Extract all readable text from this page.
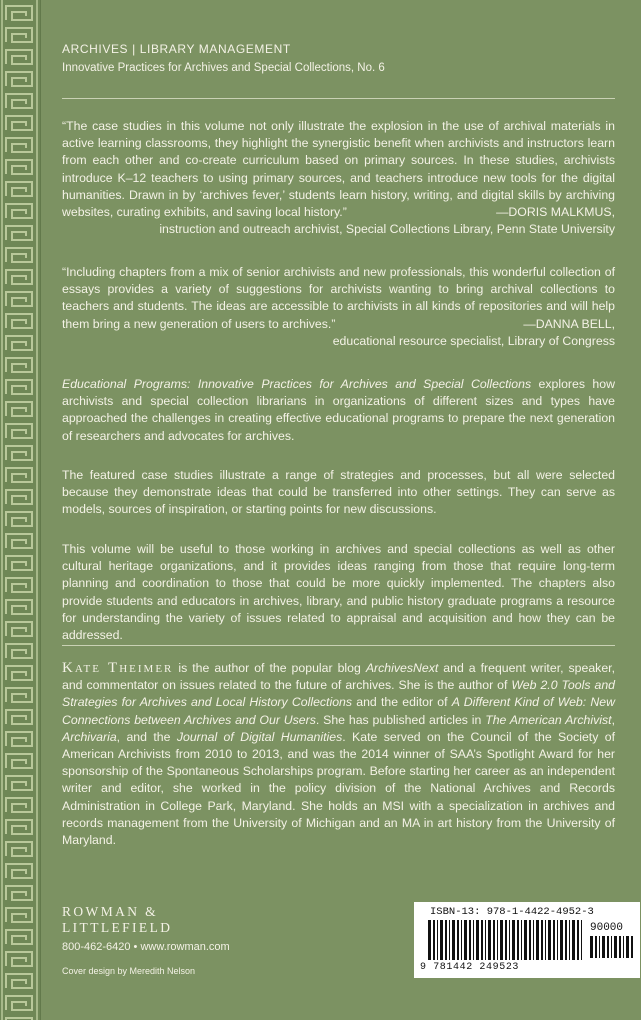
ARCHIVES | LIBRARY MANAGEMENT
Innovative Practices for Archives and Special Collections, No. 6
“The case studies in this volume not only illustrate the explosion in the use of archival materials in active learning classrooms, they highlight the synergistic benefit when archivists and instructors learn from each other and co-create curriculum based on primary sources. In these studies, archivists introduce K–12 teachers to using primary sources, and teachers introduce new tools for the digital humanities. Drawn in by ‘archives fever,’ students learn history, writing, and digital skills by archiving websites, curating exhibits, and saving local history.”	—DORIS MALKMUS,
instruction and outreach archivist, Special Collections Library, Penn State University
“Including chapters from a mix of senior archivists and new professionals, this wonderful collection of essays provides a variety of suggestions for archivists wanting to bring archival collections to teachers and students. The ideas are accessible to archivists in all kinds of repositories and will help them bring a new generation of users to archives.”	—DANNA BELL,
educational resource specialist, Library of Congress
Educational Programs: Innovative Practices for Archives and Special Collections explores how archivists and special collection librarians in organizations of different sizes and types have approached the challenges in creating effective educational programs to prepare the next generation of researchers and advocates for archives.
The featured case studies illustrate a range of strategies and processes, but all were selected because they demonstrate ideas that could be transferred into other settings. They can serve as models, sources of inspiration, or starting points for new discussions.
This volume will be useful to those working in archives and special collections as well as other cultural heritage organizations, and it provides ideas ranging from those that require long-term planning and coordination to those that could be more quickly implemented. The chapters also provide students and educators in archives, library, and public history graduate programs a resource for understanding the variety of issues related to appraisal and acquisition and how they can be addressed.
Kate Theimer is the author of the popular blog ArchivesNext and a frequent writer, speaker, and commentator on issues related to the future of archives. She is the author of Web 2.0 Tools and Strategies for Archives and Local History Collections and the editor of A Different Kind of Web: New Connections between Archives and Our Users. She has published articles in The American Archivist, Archivaria, and the Journal of Digital Humanities. Kate served on the Council of the Society of American Archivists from 2010 to 2013, and was the 2014 winner of SAA’s Spotlight Award for her sponsorship of the Spontaneous Scholarships program. Before starting her career as an independent writer and editor, she worked in the policy division of the National Archives and Records Administration in College Park, Maryland. She holds an MSI with a specialization in archives and records management from the University of Michigan and an MA in art history from the University of Maryland.
ROWMAN &
LITTLEFIELD
800-462-6420 • www.rowman.com
Cover design by Meredith Nelson
ISBN-13: 978-1-4422-4952-3
90000
9 781442 249523
